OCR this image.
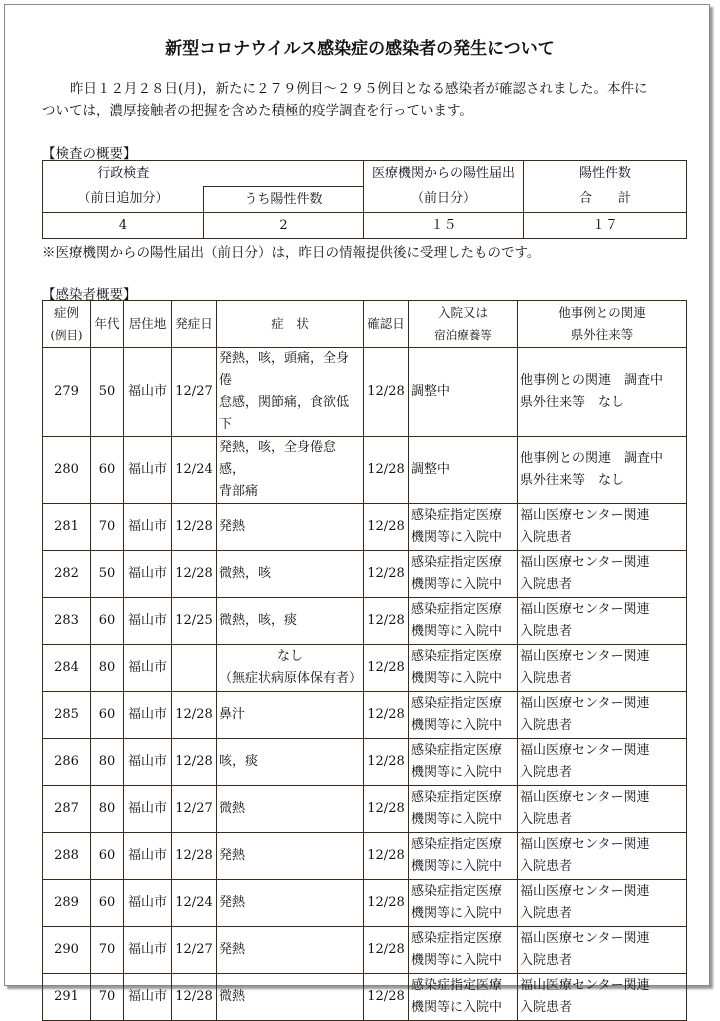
新型コロナウイルス感染症の感染者の発生について
昨日１２月２８日(月)，新たに２７９例目～２９５例目となる感染者が確認されました。本件に
ついては，濃厚接触者の把握を含めた積極的疫学調査を行っています。
【検査の概要】
行政検査		医療機関からの陽性届出	陽性件数
（前日追加分）	うち陽性件数	（前日分）	合　　計
4	2	１５	１７
※医療機関からの陽性届出（前日分）は，昨日の情報提供後に受理したものです。
【感染者概要】
症例
(例目)	年代	居住地	発症日	症　状	確認日	入院又は
宿泊療養等	他事例との関連
県外往来等
279	50	福山市	12/27	発熱，咳，頭痛，全身倦
怠感，関節痛，食欲低下	12/28	調整中	他事例との関連　調査中
県外往来等　なし
280	60	福山市	12/24	発熱，咳，全身倦怠感，
背部痛	12/28	調整中	他事例との関連　調査中
県外往来等　なし
281	70	福山市	12/28	発熱	12/28	感染症指定医療
機関等に入院中	福山医療センター関連
入院患者
282	50	福山市	12/28	微熱，咳	12/28	感染症指定医療
機関等に入院中	福山医療センター関連
入院患者
283	60	福山市	12/25	微熱，咳，痰	12/28	感染症指定医療
機関等に入院中	福山医療センター関連
入院患者
284	80	福山市		なし
（無症状病原体保有者）	12/28	感染症指定医療
機関等に入院中	福山医療センター関連
入院患者
285	60	福山市	12/28	鼻汁	12/28	感染症指定医療
機関等に入院中	福山医療センター関連
入院患者
286	80	福山市	12/28	咳，痰	12/28	感染症指定医療
機関等に入院中	福山医療センター関連
入院患者
287	80	福山市	12/27	微熱	12/28	感染症指定医療
機関等に入院中	福山医療センター関連
入院患者
288	60	福山市	12/28	発熱	12/28	感染症指定医療
機関等に入院中	福山医療センター関連
入院患者
289	60	福山市	12/24	発熱	12/28	感染症指定医療
機関等に入院中	福山医療センター関連
入院患者
290	70	福山市	12/27	発熱	12/28	感染症指定医療
機関等に入院中	福山医療センター関連
入院患者
291	70	福山市	12/28	微熱	12/28	感染症指定医療
機関等に入院中	福山医療センター関連
入院患者
